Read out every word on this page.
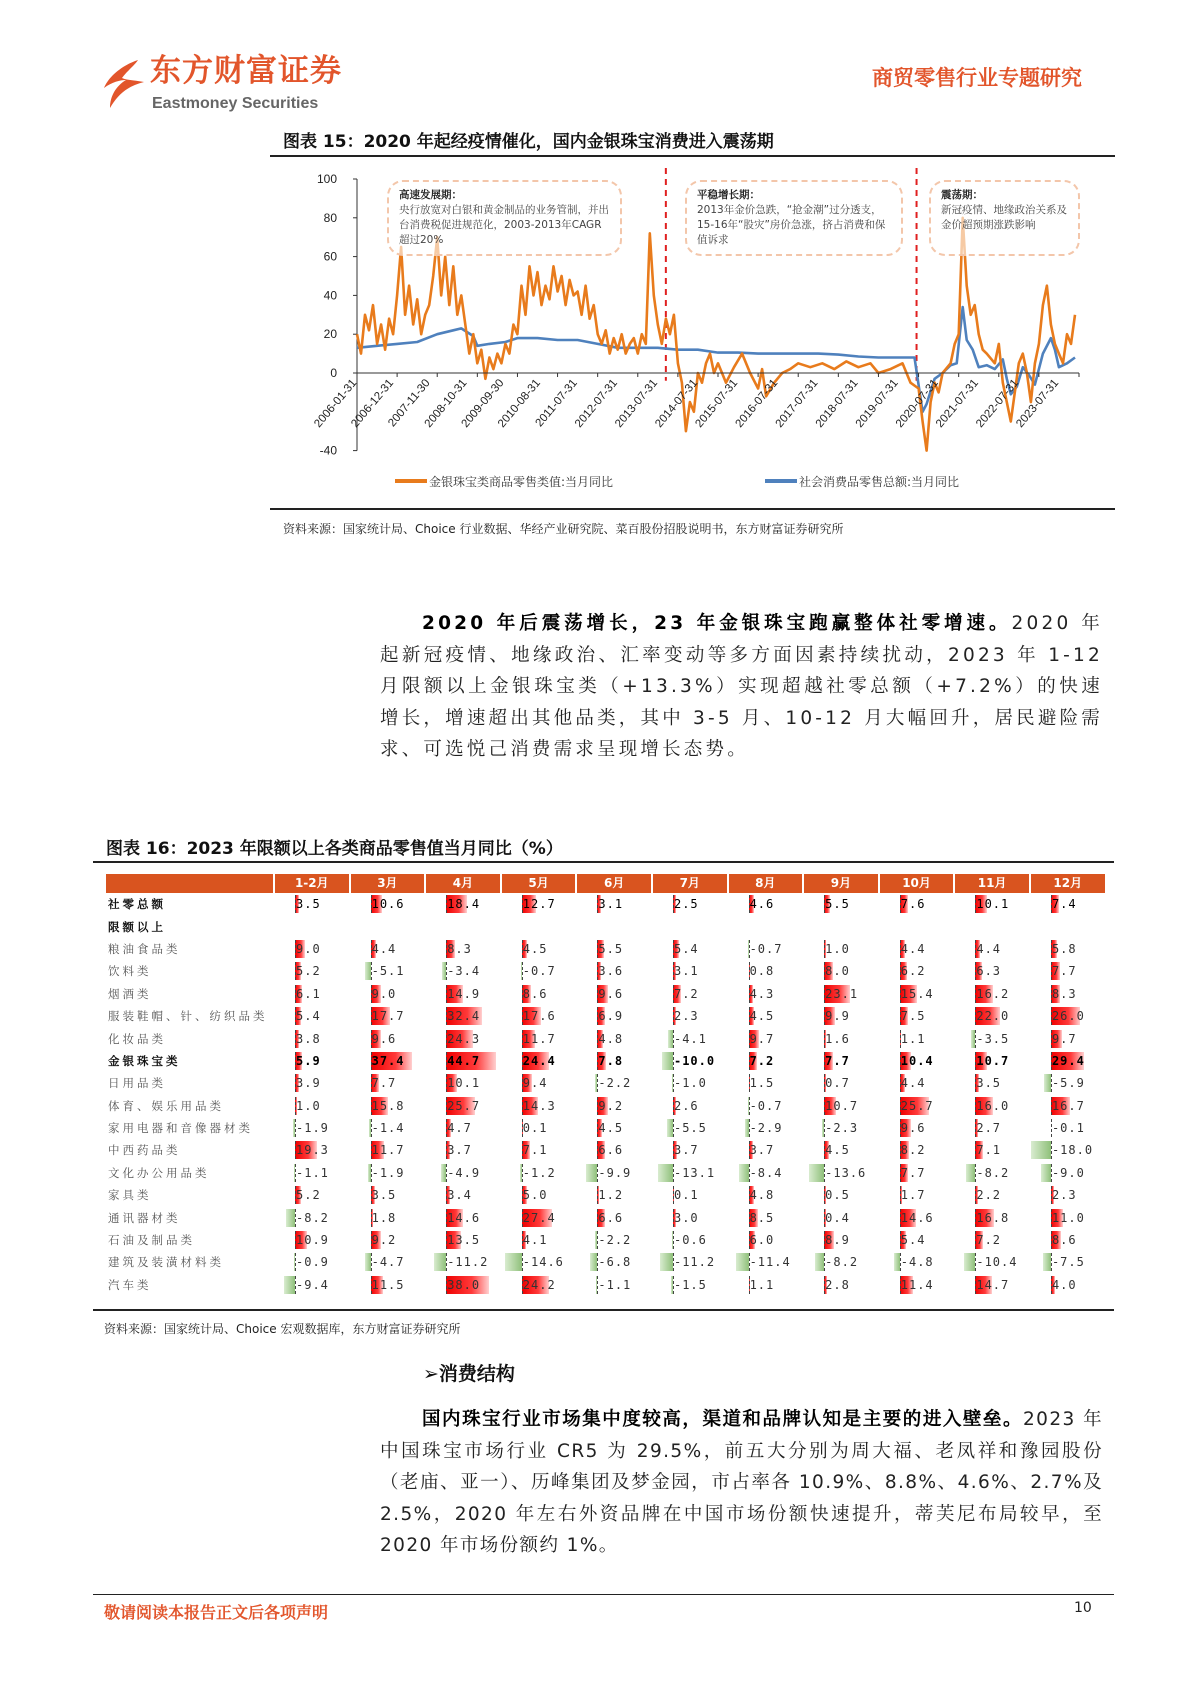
东方财富证券
Eastmoney Securities
商贸零售行业专题研究
图表 15：2020 年起经疫情催化，国内金银珠宝消费进入震荡期
100
80
60
40
20
0
-40
2006-01-31
2006-12-31
2007-11-30
2008-10-31
2009-09-30
2010-08-31
2011-07-31
2012-07-31
2013-07-31
2014-07-31
2015-07-31
2016-07-31
2017-07-31
2018-07-31
2019-07-31
2020-07-31
2021-07-31
2022-07-31
2023-07-31
金银珠宝类商品零售类值:当月同比	社会消费品零售总额:当月同比
高速发展期：
央行放宽对白银和黄金制品的业务管制，并出台消费税促进规范化，2003-2013年CAGR超过20%
平稳增长期：
2013年金价急跌，“抢金潮”过分透支，15-16年“股灾”房价急涨，挤占消费和保值诉求
震荡期：
新冠疫情、地缘政治关系及金价超预期涨跌影响
资料来源：国家统计局、Choice 行业数据、华经产业研究院、菜百股份招股说明书，东方财富证券研究所
2020 年后震荡增长，23 年金银珠宝跑赢整体社零增速。2020 年起新冠疫情、地缘政治、汇率变动等多方面因素持续扰动，2023 年 1-12 月限额以上金银珠宝类（+13.3%）实现超越社零总额（+7.2%）的快速增长，增速超出其他品类，其中 3-5 月、10-12 月大幅回升，居民避险需求、可选悦己消费需求呈现增长态势。
图表 16：2023 年限额以上各类商品零售值当月同比（%）
1-2月	3月	4月	5月	6月	7月	8月	9月	10月	11月	12月
社零总额	3.5	10.6	18.4	12.7	3.1	2.5	4.6	5.5	7.6	10.1	7.4
限额以上
粮油食品类	9.0	4.4	8.3	4.5	5.5	5.4	-0.7	1.0	4.4	4.4	5.8
饮料类	5.2	-5.1	-3.4	-0.7	3.6	3.1	0.8	8.0	6.2	6.3	7.7
烟酒类	6.1	9.0	14.9	8.6	9.6	7.2	4.3	23.1	15.4	16.2	8.3
服装鞋帽、针、纺织品类	5.4	17.7	32.4	17.6	6.9	2.3	4.5	9.9	7.5	22.0	26.0
化妆品类	3.8	9.6	24.3	11.7	4.8	-4.1	9.7	1.6	1.1	-3.5	9.7
金银珠宝类	5.9	37.4	44.7	24.4	7.8	-10.0	7.2	7.7	10.4	10.7	29.4
日用品类	3.9	7.7	10.1	9.4	-2.2	-1.0	1.5	0.7	4.4	3.5	-5.9
体育、娱乐用品类	1.0	15.8	25.7	14.3	9.2	2.6	-0.7	10.7	25.7	16.0	16.7
家用电器和音像器材类	-1.9	-1.4	4.7	0.1	4.5	-5.5	-2.9	-2.3	9.6	2.7	-0.1
中西药品类	19.3	11.7	3.7	7.1	6.6	3.7	3.7	4.5	8.2	7.1	-18.0
文化办公用品类	-1.1	-1.9	-4.9	-1.2	-9.9	-13.1	-8.4	-13.6	7.7	-8.2	-9.0
家具类	5.2	3.5	3.4	5.0	1.2	0.1	4.8	0.5	1.7	2.2	2.3
通讯器材类	-8.2	1.8	14.6	27.4	6.6	3.0	8.5	0.4	14.6	16.8	11.0
石油及制品类	10.9	9.2	13.5	4.1	-2.2	-0.6	6.0	8.9	5.4	7.2	8.6
建筑及装潢材料类	-0.9	-4.7	-11.2	-14.6	-6.8	-11.2	-11.4	-8.2	-4.8	-10.4	-7.5
汽车类	-9.4	11.5	38.0	24.2	-1.1	-1.5	1.1	2.8	11.4	14.7	4.0
资料来源：国家统计局、Choice 宏观数据库，东方财富证券研究所
➢消费结构
国内珠宝行业市场集中度较高，渠道和品牌认知是主要的进入壁垒。2023 年中国珠宝市场行业 CR5 为 29.5%，前五大分别为周大福、老凤祥和豫园股份（老庙、亚一）、历峰集团及梦金园，市占率各 10.9%、8.8%、4.6%、2.7%及 2.5%，2020 年左右外资品牌在中国市场份额快速提升，蒂芙尼布局较早，至 2020 年市场份额约 1%。
敬请阅读本报告正文后各项声明	10
